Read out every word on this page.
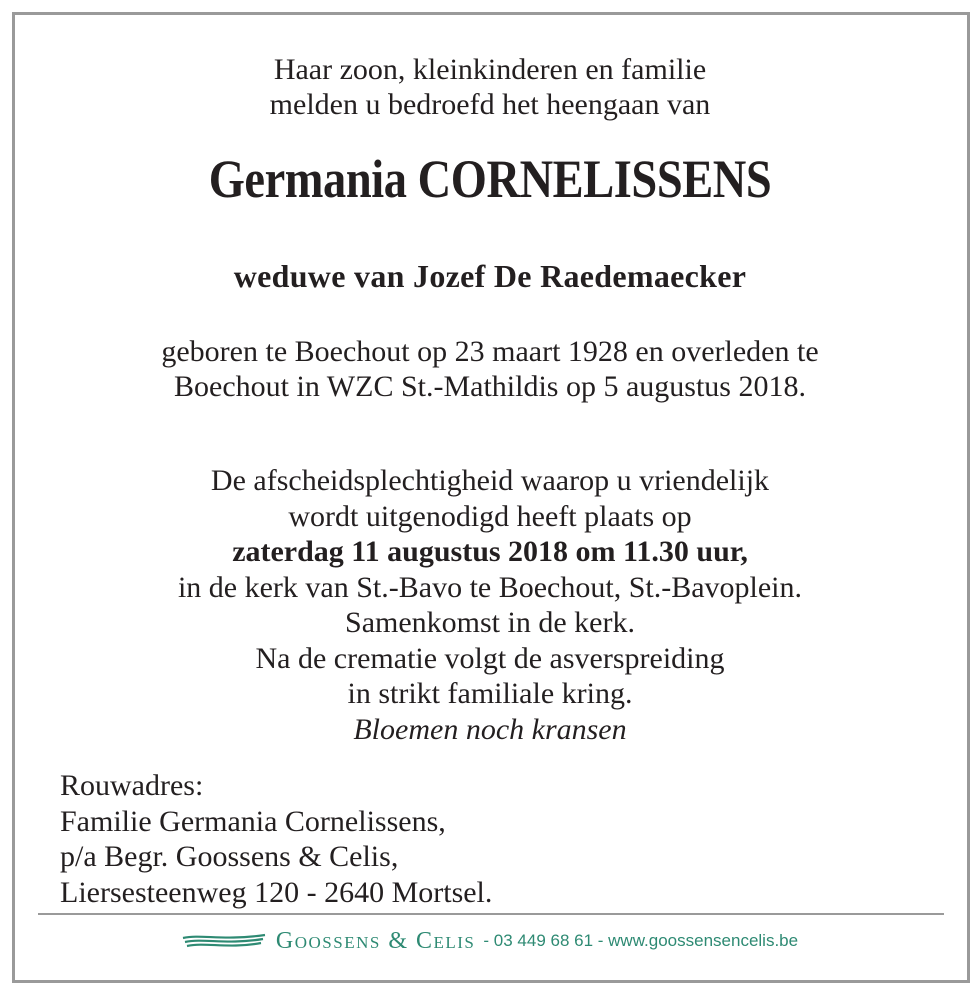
Haar zoon, kleinkinderen en familie
melden u bedroefd het heengaan van
Germania CORNELISSENS
weduwe van Jozef De Raedemaecker
geboren te Boechout op 23 maart 1928 en overleden te
Boechout in WZC St.-Mathildis op 5 augustus 2018.
De afscheidsplechtigheid waarop u vriendelijk
wordt uitgenodigd heeft plaats op
zaterdag 11 augustus 2018 om 11.30 uur,
in de kerk van St.-Bavo te Boechout, St.-Bavoplein.
Samenkomst in de kerk.
Na de crematie volgt de asverspreiding
in strikt familiale kring.
Bloemen noch kransen
Rouwadres:
Familie Germania Cornelissens,
p/a Begr. Goossens & Celis,
Liersesteenweg 120 - 2640 Mortsel.
Goossens & Celis - 03 449 68 61 - www.goossensencelis.be
